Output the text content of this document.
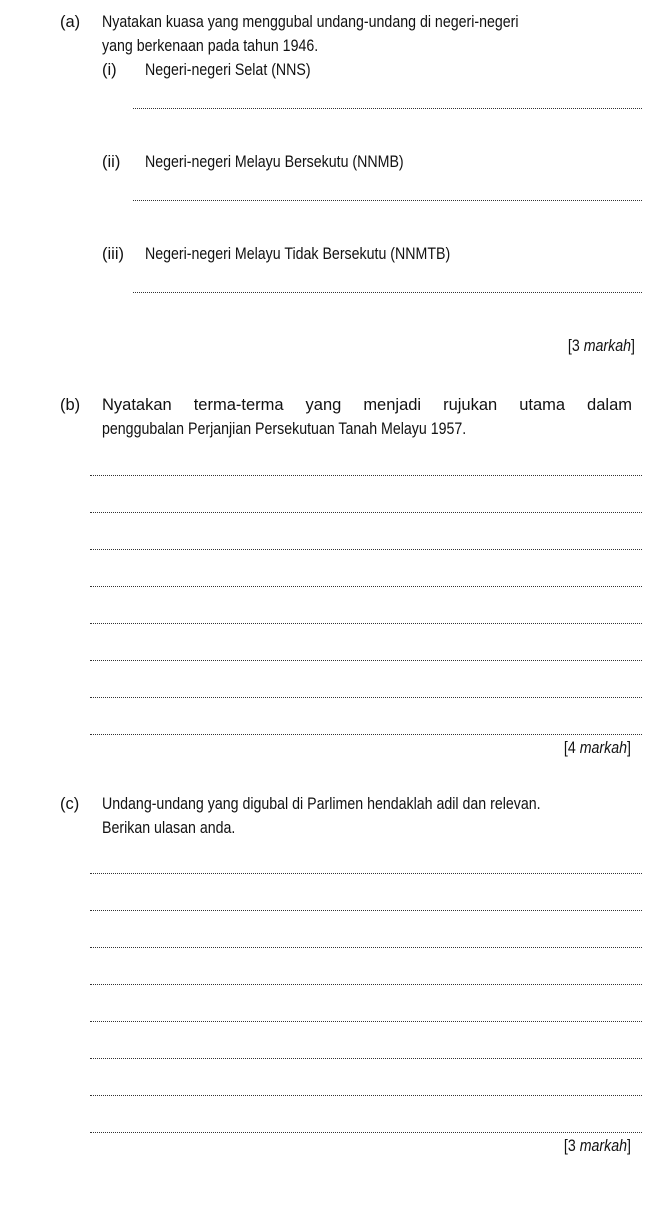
(a) Nyatakan kuasa yang menggubal undang-undang di negeri-negeri
yang berkenaan pada tahun 1946.
(i) Negeri-negeri Selat (NNS)
(ii) Negeri-negeri Melayu Bersekutu (NNMB)
(iii) Negeri-negeri Melayu Tidak Bersekutu (NNMTB)
[3 markah]
(b) Nyatakan terma-terma yang menjadi rujukan utama dalam
penggubalan Perjanjian Persekutuan Tanah Melayu 1957.
[4 markah]
(c) Undang-undang yang digubal di Parlimen hendaklah adil dan relevan.
Berikan ulasan anda.
[3 markah]
